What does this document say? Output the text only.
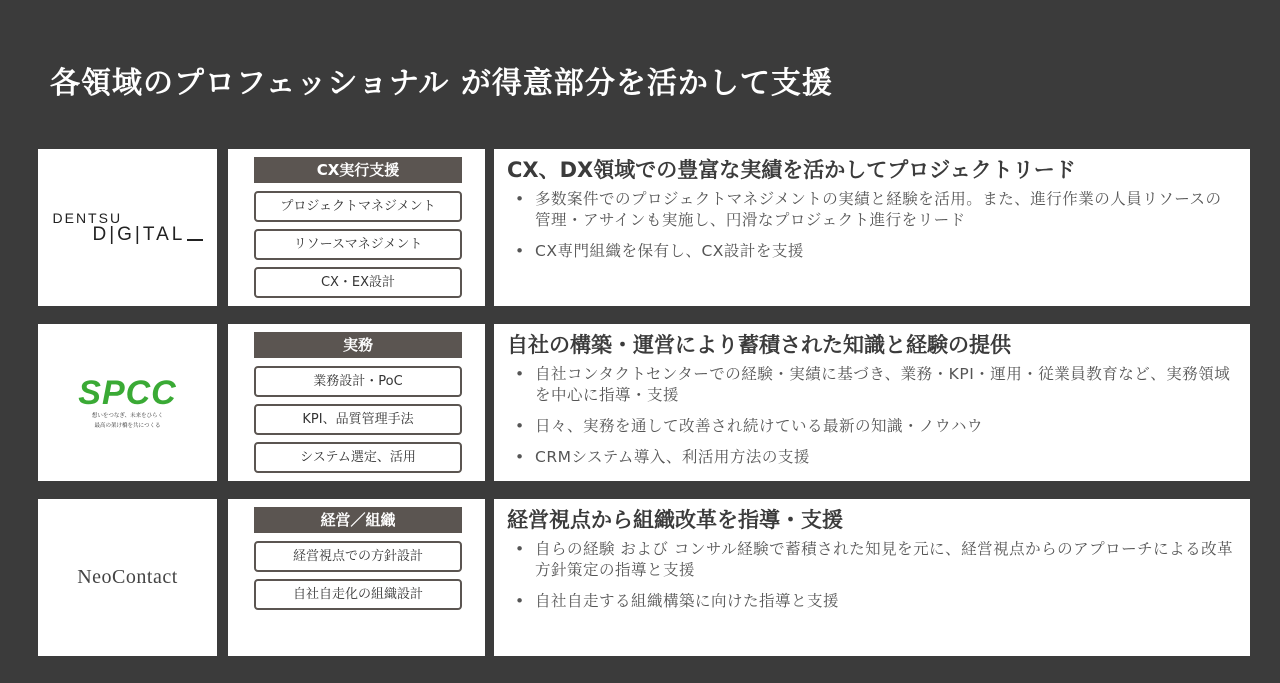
各領域のプロフェッショナル が得意部分を活かして支援
DENTSU
D|G|TAL
CX実行支援
プロジェクトマネジメント
リソースマネジメント
CX・EX設計
CX、DX領域での豊富な実績を活かしてプロジェクトリード
• 多数案件でのプロジェクトマネジメントの実績と経験を活用。また、進行作業の人員リソースの管理・アサインも実施し、円滑なプロジェクト進行をリード
• CX専門組織を保有し、CX設計を支援
SPCC
想いをつなぎ、未来をひらく
最高の架け橋を共につくる
実務
業務設計・PoC
KPI、品質管理手法
システム選定、活用
自社の構築・運営により蓄積された知識と経験の提供
• 自社コンタクトセンターでの経験・実績に基づき、業務・KPI・運用・従業員教育など、実務領域を中心に指導・支援
• 日々、実務を通して改善され続けている最新の知識・ノウハウ
• CRMシステム導入、利活用方法の支援
NeoContact
経営／組織
経営視点での方針設計
自社自走化の組織設計
経営視点から組織改革を指導・支援
• 自らの経験 および コンサル経験で蓄積された知見を元に、経営視点からのアプローチによる改革方針策定の指導と支援
• 自社自走する組織構築に向けた指導と支援
